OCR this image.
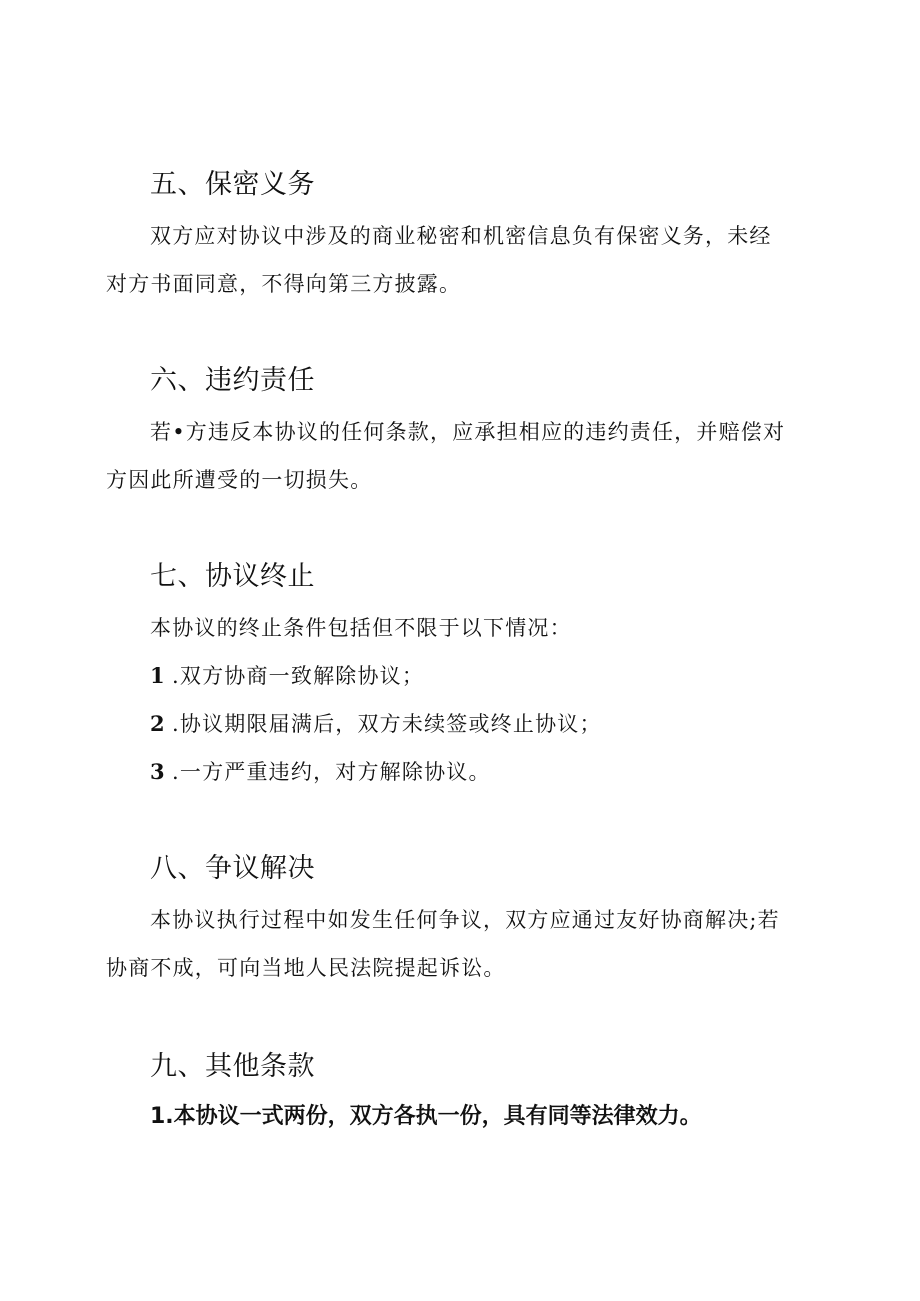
五、保密义务

双方应对协议中涉及的商业秘密和机密信息负有保密义务，未经

对方书面同意，不得向第三方披露。

六、违约责任

若•方违反本协议的任何条款，应承担相应的违约责任，并赔偿对

方因此所遭受的一切损失。

七、协议终止

本协议的终止条件包括但不限于以下情况：

1 .双方协商一致解除协议；

2 .协议期限届满后，双方未续签或终止协议；

3 .一方严重违约，对方解除协议。

八、争议解决

本协议执行过程中如发生任何争议，双方应通过友好协商解决;若

协商不成，可向当地人民法院提起诉讼。

九、其他条款

1.本协议一式两份，双方各执一份，具有同等法律效力。
